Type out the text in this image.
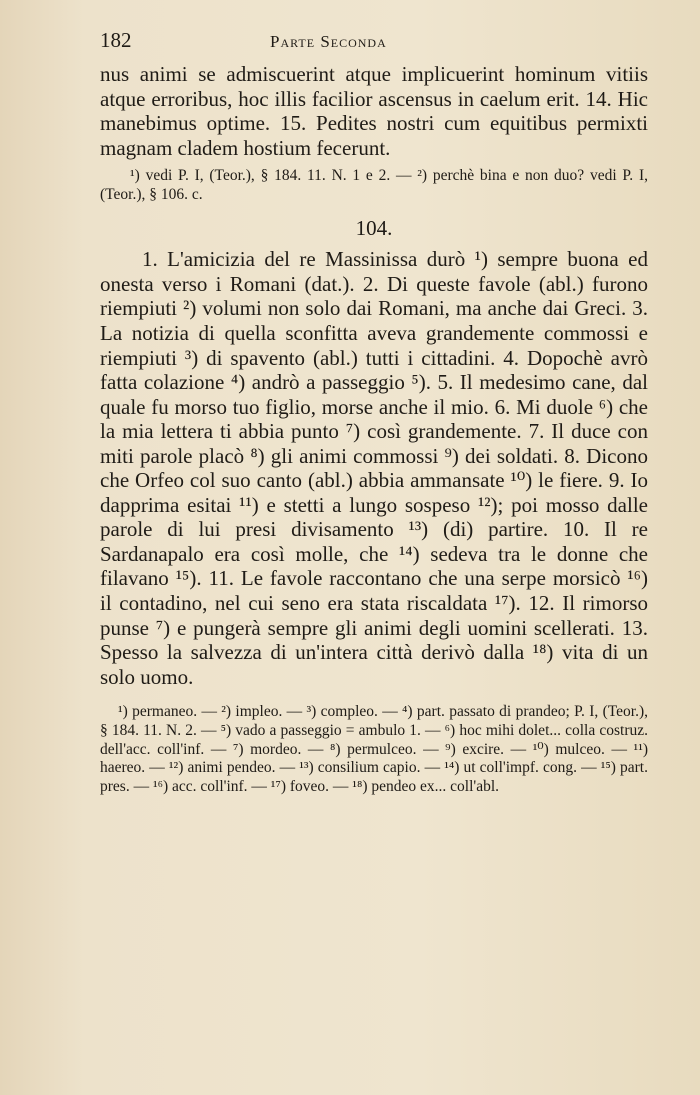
182	Parte Seconda

nus animi se admiscuerint atque implicuerint hominum vitiis atque erroribus, hoc illis facilior ascensus in caelum erit. 14. Hic manebimus optime. 15. Pedites nostri cum equitibus permixti magnam cladem hostium fecerunt.

¹) vedi P. I, (Teor.), § 184. 11. N. 1 e 2. — ²) perchè bina e non duo? vedi P. I, (Teor.), § 106. c.

104.

1. L'amicizia del re Massinissa durò ¹) sempre buona ed onesta verso i Romani (dat.). 2. Di queste favole (abl.) furono riempiuti ²) volumi non solo dai Romani, ma anche dai Greci. 3. La notizia di quella sconfitta aveva grandemente commossi e riempiuti ³) di spavento (abl.) tutti i cittadini. 4. Dopochè avrò fatta colazione ⁴) andrò a passeggio ⁵). 5. Il medesimo cane, dal quale fu morso tuo figlio, morse anche il mio. 6. Mi duole ⁶) che la mia lettera ti abbia punto ⁷) così grandemente. 7. Il duce con miti parole placò ⁸) gli animi commossi ⁹) dei soldati. 8. Dicono che Orfeo col suo canto (abl.) abbia ammansate ¹⁰) le fiere. 9. Io dapprima esitai ¹¹) e stetti a lungo sospeso ¹²); poi mosso dalle parole di lui presi divisamento ¹³) (di) partire. 10. Il re Sardanapalo era così molle, che ¹⁴) sedeva tra le donne che filavano ¹⁵). 11. Le favole raccontano che una serpe morsicò ¹⁶) il contadino, nel cui seno era stata riscaldata ¹⁷). 12. Il rimorso punse ⁷) e pungerà sempre gli animi degli uomini scellerati. 13. Spesso la salvezza di un'intera città derivò dalla ¹⁸) vita di un solo uomo.

¹) permaneo. — ²) impleo. — ³) compleo. — ⁴) part. passato di prandeo; P. I, (Teor.), § 184. 11. N. 2. — ⁵) vado a passeggio = ambulo 1. — ⁶) hoc mihi dolet... colla costruz. dell'acc. coll'inf. — ⁷) mordeo. — ⁸) permulceo. — ⁹) excire. — ¹⁰) mulceo. — ¹¹) haereo. — ¹²) animi pendeo. — ¹³) consilium capio. — ¹⁴) ut coll'impf. cong. — ¹⁵) part. pres. — ¹⁶) acc. coll'inf. — ¹⁷) foveo. — ¹⁸) pendeo ex... coll'abl.
